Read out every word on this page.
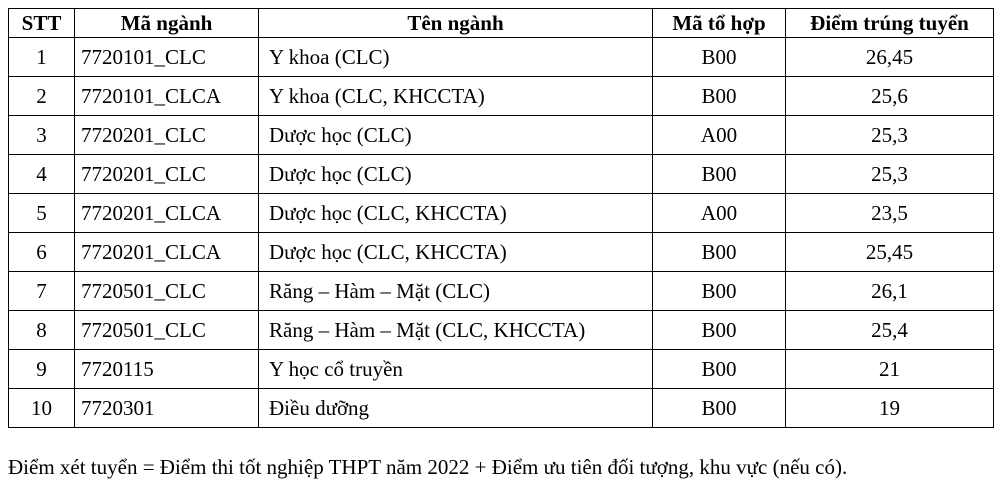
STT	Mã ngành	Tên ngành	Mã tổ hợp	Điểm trúng tuyển
1	7720101_CLC	Y khoa (CLC)	B00	26,45
2	7720101_CLCA	Y khoa (CLC, KHCCTA)	B00	25,6
3	7720201_CLC	Dược học (CLC)	A00	25,3
4	7720201_CLC	Dược học (CLC)	B00	25,3
5	7720201_CLCA	Dược học (CLC, KHCCTA)	A00	23,5
6	7720201_CLCA	Dược học (CLC, KHCCTA)	B00	25,45
7	7720501_CLC	Răng – Hàm – Mặt (CLC)	B00	26,1
8	7720501_CLC	Răng – Hàm – Mặt (CLC, KHCCTA)	B00	25,4
9	7720115	Y học cổ truyền	B00	21
10	7720301	Điều dưỡng	B00	19
Điểm xét tuyển = Điểm thi tốt nghiệp THPT năm 2022 + Điểm ưu tiên đối tượng, khu vực (nếu có).
